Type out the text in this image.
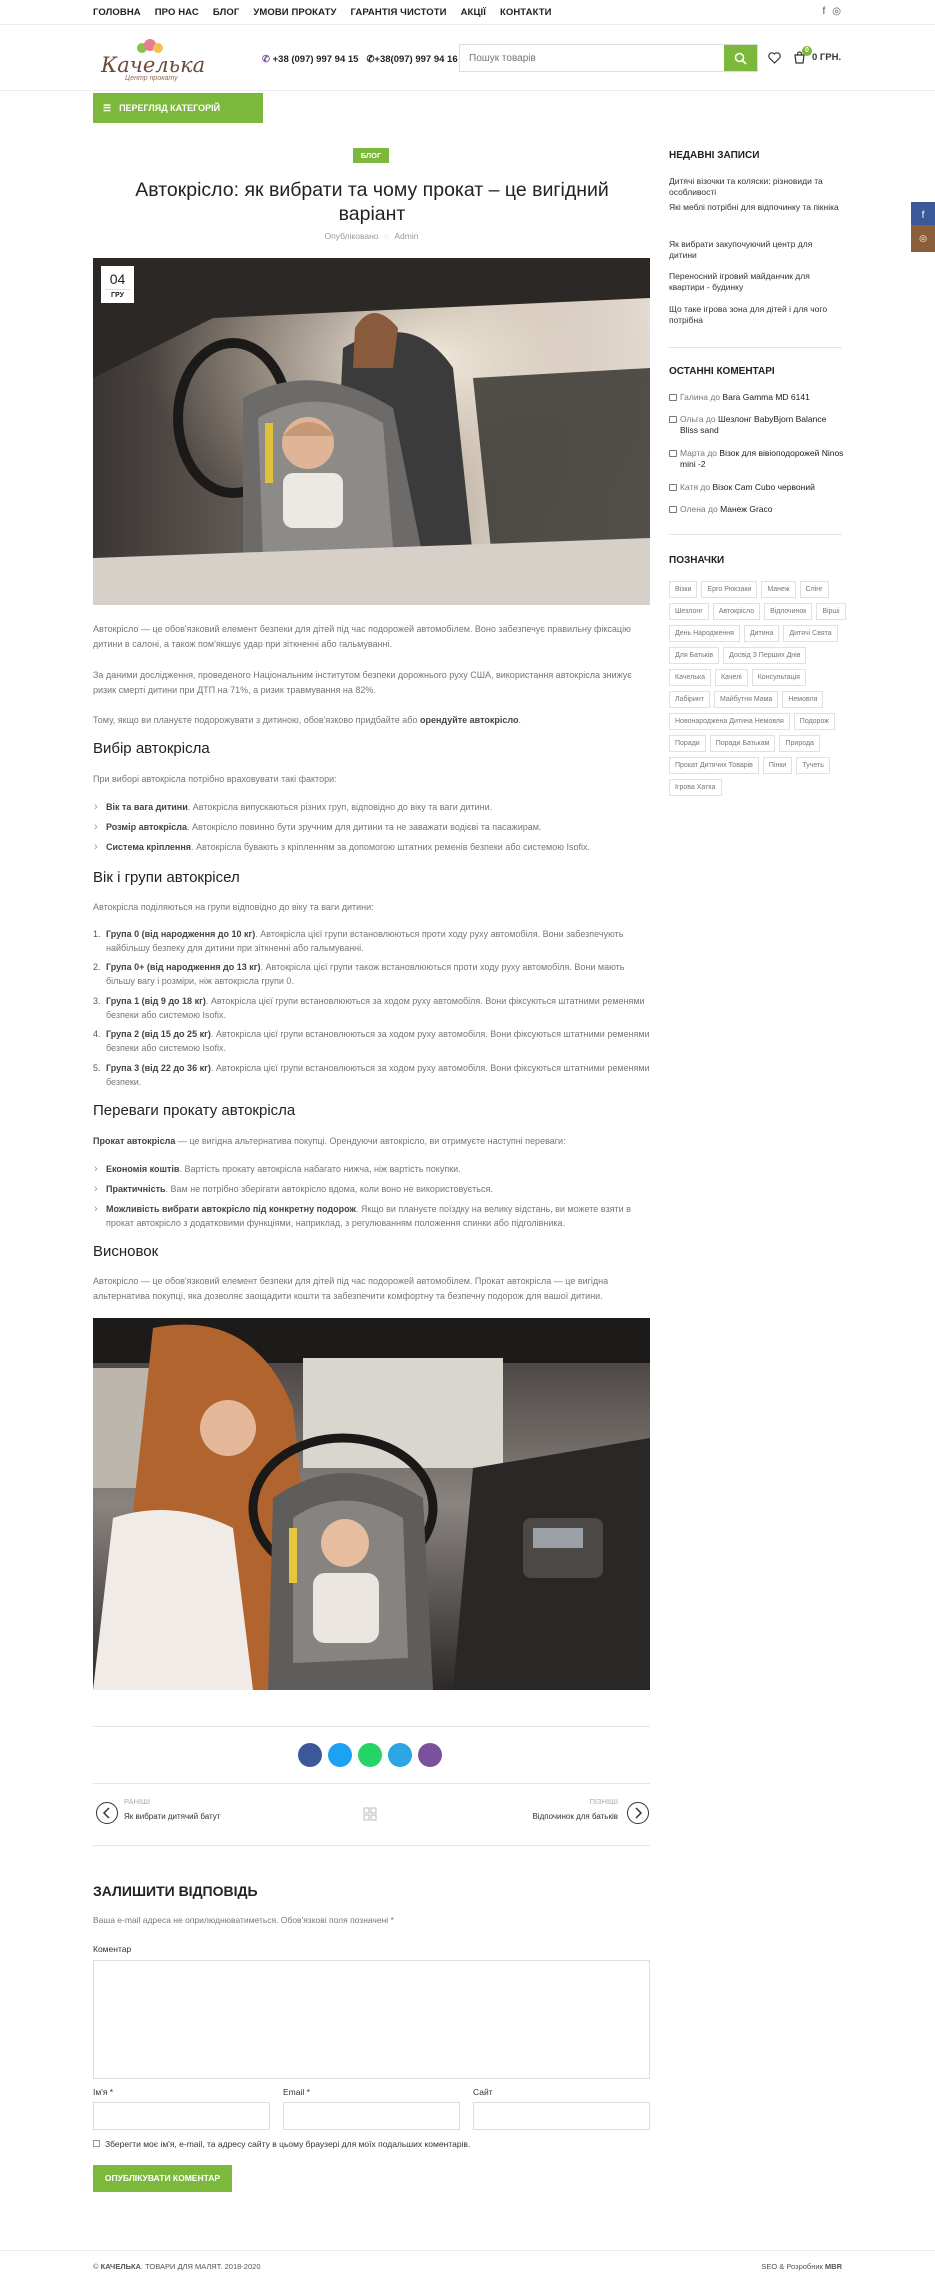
ГОЛОВНА ПРО НАС БЛОГ УМОВИ ПРОКАТУ ГАРАНТІЯ ЧИСТОТИ АКЦІЇ КОНТАКТИ	f ◎
Качелька
Центр прокату
✆ +38 (097) 997 94 15 ✆+38(097) 997 94 16
Пошук товарів
0
0 ГРН.
☰ ПЕРЕГЛЯД КАТЕГОРІЙ
БЛОГ
Автокрісло: як вибрати та чому прокат – це вигідний варіант
Опубліковано ◌ Admin
04
ГРУ

Автокрісло — це обов'язковий елемент безпеки для дітей під час подорожей автомобілем. Воно забезпечує правильну фіксацію дитини в салоні, а також пом'якшує удар при зіткненні або гальмуванні.

За даними дослідження, проведеного Національним інститутом безпеки дорожнього руху США, використання автокрісла знижує ризик смерті дитини при ДТП на 71%, а ризик травмування на 82%.

Тому, якщо ви плануєте подорожувати з дитиною, обов'язково придбайте або орендуйте автокрісло.

Вибір автокрісла

При виборі автокрісла потрібно враховувати такі фактори:

› Вік та вага дитини. Автокрісла випускаються різних груп, відповідно до віку та ваги дитини.
› Розмір автокрісла. Автокрісло повинно бути зручним для дитини та не заважати водієві та пасажирам.
› Система кріплення. Автокрісла бувають з кріпленням за допомогою штатних ременів безпеки або системою Isofix.
Вік і групи автокрісел

Автокрісла поділяються на групи відповідно до віку та ваги дитини:

1. Група 0 (від народження до 10 кг). Автокрісла цієї групи встановлюються проти ходу руху автомобіля. Вони забезпечують найбільшу безпеку для дитини при зіткненні або гальмуванні.
2. Група 0+ (від народження до 13 кг). Автокрісла цієї групи також встановлюються проти ходу руху автомобіля. Вони мають більшу вагу і розміри, ніж автокрісла групи 0.
3. Група 1 (від 9 до 18 кг). Автокрісла цієї групи встановлюються за ходом руху автомобіля. Вони фіксуються штатними ременями безпеки або системою Isofix.
4. Група 2 (від 15 до 25 кг). Автокрісла цієї групи встановлюються за ходом руху автомобіля. Вони фіксуються штатними ременями безпеки або системою Isofix.
5. Група 3 (від 22 до 36 кг). Автокрісла цієї групи встановлюються за ходом руху автомобіля. Вони фіксуються штатними ременями безпеки.
Переваги прокату автокрісла

Прокат автокрісла — це вигідна альтернатива покупці. Орендуючи автокрісло, ви отримуєте наступні переваги:

› Економія коштів. Вартість прокату автокрісла набагато нижча, ніж вартість покупки.
› Практичність. Вам не потрібно зберігати автокрісло вдома, коли воно не використовується.
› Можливість вибрати автокрісло під конкретну подорож. Якщо ви плануєте поїздку на велику відстань, ви можете взяти в прокат автокрісло з додатковими функціями, наприклад, з регулюванням положення спинки або підголівника.
Висновок

Автокрісло — це обов'язковий елемент безпеки для дітей під час подорожей автомобілем. Прокат автокрісла — це вигідна альтернатива покупці, яка дозволяє заощадити кошти та забезпечити комфортну та безпечну подорож для вашої дитини.

РАНІШІ
Як вибрати дитячий батут
ПІЗНІШІ
Відпочинок для батьків
ЗАЛИШИТИ ВІДПОВІДЬ
Ваша e-mail адреса не оприлюднюватиметься. Обов'язкові поля позначені *
Коментар
Ім'я *	Email *	Сайт
Зберегти моє ім'я, e-mail, та адресу сайту в цьому браузері для моїх подальших коментарів.
ОПУБЛІКУВАТИ КОМЕНТАР
© КАЧЕЛЬКА. ТОВАРИ ДЛЯ МАЛЯТ. 2018-2020	SEO & Розробник MBR
НЕДАВНІ ЗАПИСИ
Дитячі візочки та коляски: різновиди та особливості
Які меблі потрібні для відпочинку та пікніка
Як вибрати закупочуючий центр для дитини
Переносний ігровий майданчик для квартири - будинку
Що таке ігрова зона для дітей і для чого потрібна
ОСТАННІ КОМЕНТАРІ
Галина до Bara Gamma MD 6141
Ольга до Шезлонг BabyBjorn Balance Bliss sand
Марта до Візок для вівіоподорожей Ninos mini -2
Катя до Візок Cam Cubo червоний
Олена до Манеж Graco
ПОЗНАЧКИ
Візки	Ерго Рюкзаки	Манеж	Слінг
Шезлонг	Автокрісло	Відпочинок	Вірші
День Народження	Дитина	Дитячі Свята
Для Батьків	Досвід З Перших Днів
Качелька	Качелі	Консультація
Лабіринт	Майбутня Мама	Немовля
Новонароджена Дитина Немовля	Подорож
Поради	Поради Батькам	Природа
Прокат Дитячих Товарів	Пінки	Тучеть
Ігрова Хатка
f
◎
